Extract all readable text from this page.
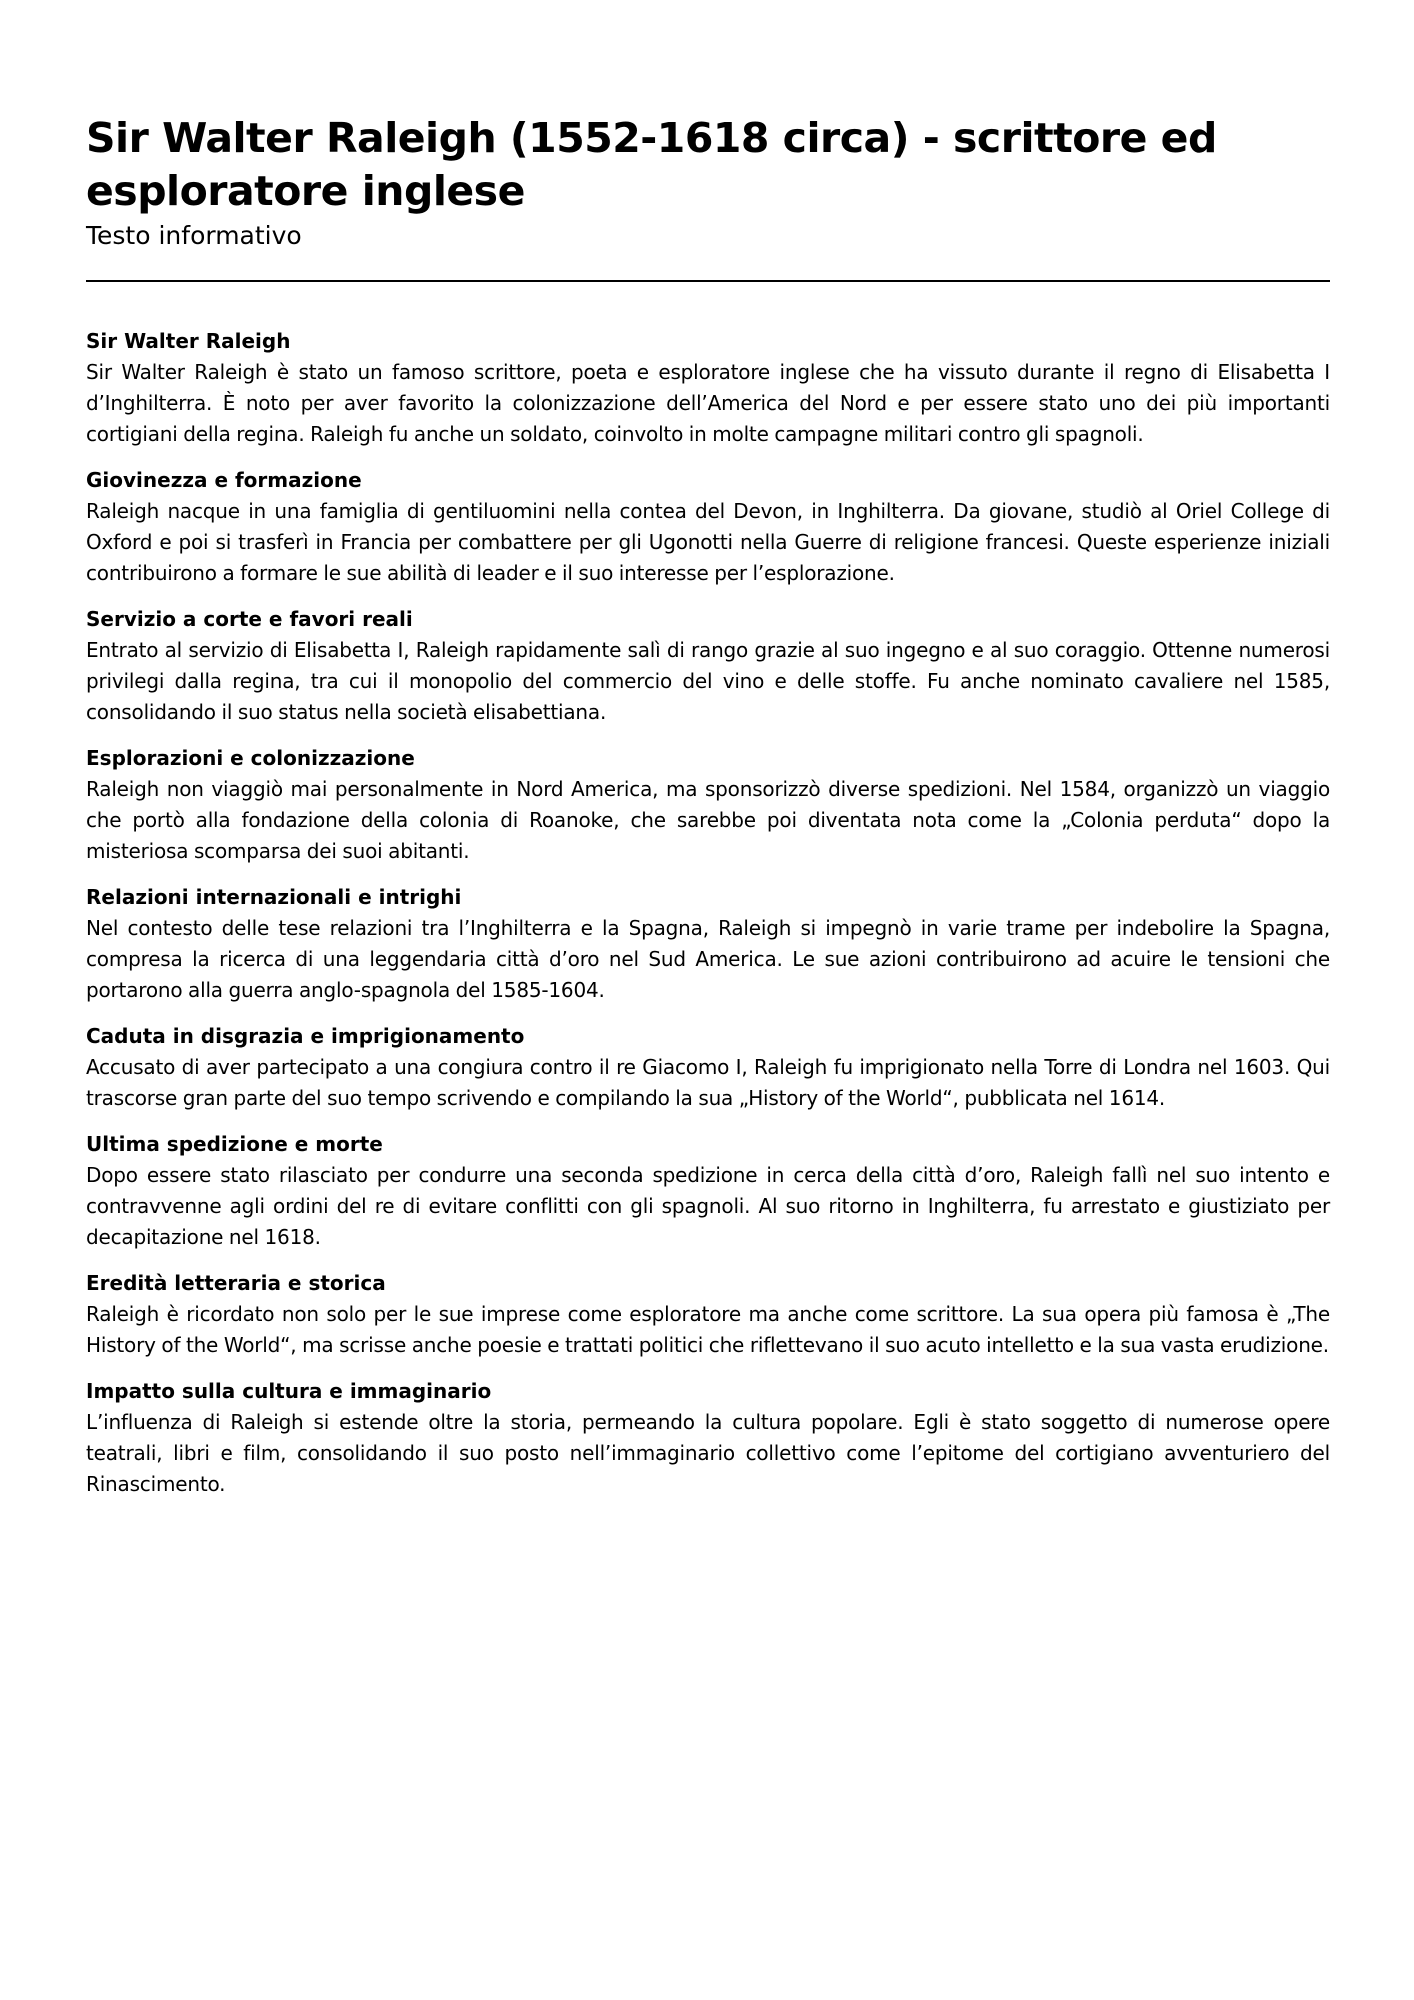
Sir Walter Raleigh (1552-1618 circa) - scrittore ed esploratore inglese

Testo informativo

Sir Walter Raleigh

Sir Walter Raleigh è stato un famoso scrittore, poeta e esploratore inglese che ha vissuto durante il regno di Elisabetta I d’Inghilterra. È noto per aver favorito la colonizzazione dell’America del Nord e per essere stato uno dei più importanti cortigiani della regina. Raleigh fu anche un soldato, coinvolto in molte campagne militari contro gli spagnoli.

Giovinezza e formazione

Raleigh nacque in una famiglia di gentiluomini nella contea del Devon, in Inghilterra. Da giovane, studiò al Oriel College di Oxford e poi si trasferì in Francia per combattere per gli Ugonotti nella Guerre di religione francesi. Queste esperienze iniziali contribuirono a formare le sue abilità di leader e il suo interesse per l’esplorazione.

Servizio a corte e favori reali

Entrato al servizio di Elisabetta I, Raleigh rapidamente salì di rango grazie al suo ingegno e al suo coraggio. Ottenne numerosi privilegi dalla regina, tra cui il monopolio del commercio del vino e delle stoffe. Fu anche nominato cavaliere nel 1585, consolidando il suo status nella società elisabettiana.

Esplorazioni e colonizzazione

Raleigh non viaggiò mai personalmente in Nord America, ma sponsorizzò diverse spedizioni. Nel 1584, organizzò un viaggio che portò alla fondazione della colonia di Roanoke, che sarebbe poi diventata nota come la „Colonia perduta“ dopo la misteriosa scomparsa dei suoi abitanti.

Relazioni internazionali e intrighi

Nel contesto delle tese relazioni tra l’Inghilterra e la Spagna, Raleigh si impegnò in varie trame per indebolire la Spagna, compresa la ricerca di una leggendaria città d’oro nel Sud America. Le sue azioni contribuirono ad acuire le tensioni che portarono alla guerra anglo-spagnola del 1585-1604.

Caduta in disgrazia e imprigionamento

Accusato di aver partecipato a una congiura contro il re Giacomo I, Raleigh fu imprigionato nella Torre di Londra nel 1603. Qui trascorse gran parte del suo tempo scrivendo e compilando la sua „History of the World“, pubblicata nel 1614.

Ultima spedizione e morte

Dopo essere stato rilasciato per condurre una seconda spedizione in cerca della città d’oro, Raleigh fallì nel suo intento e contravvenne agli ordini del re di evitare conflitti con gli spagnoli. Al suo ritorno in Inghilterra, fu arrestato e giustiziato per decapitazione nel 1618.

Eredità letteraria e storica

Raleigh è ricordato non solo per le sue imprese come esploratore ma anche come scrittore. La sua opera più famosa è „The History of the World“, ma scrisse anche poesie e trattati politici che riflettevano il suo acuto intelletto e la sua vasta erudizione.

Impatto sulla cultura e immaginario

L’influenza di Raleigh si estende oltre la storia, permeando la cultura popolare. Egli è stato soggetto di numerose opere teatrali, libri e film, consolidando il suo posto nell’immaginario collettivo come l’epitome del cortigiano avventuriero del Rinascimento.
